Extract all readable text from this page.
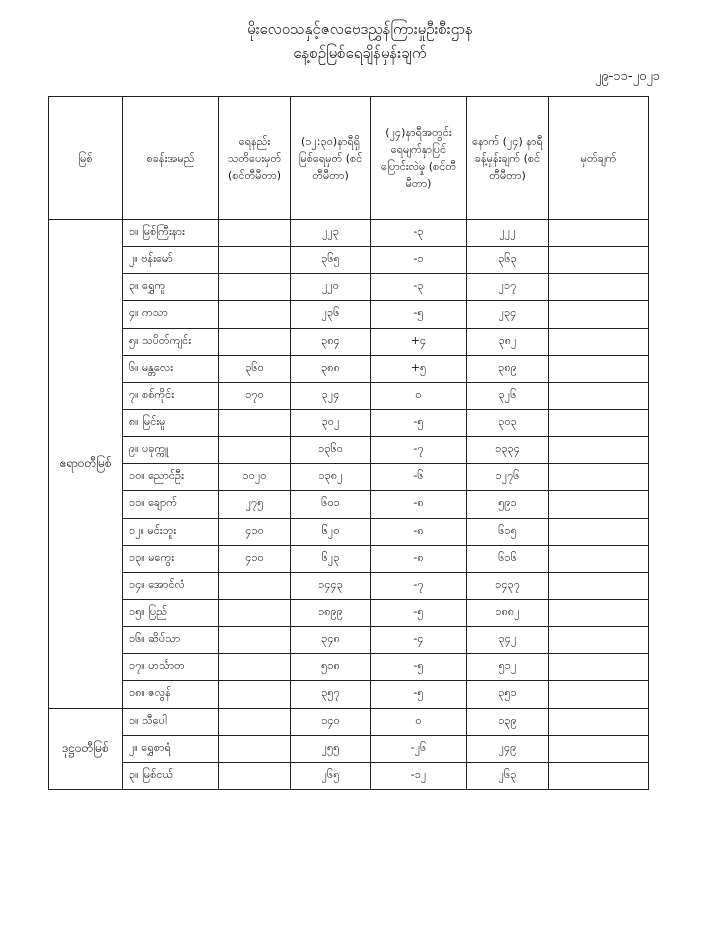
မိုးလေဝသနှင့်ဇလဗေဒညွှန်ကြားမှုဦးစီးဌာန
နေ့စဉ်မြစ်ရေချိန်မှန်းချက်
၂၉-၁၁-၂၀၂၁
မြစ်	စခန်းအမည်	ရေနည်း သတိပေးမှတ် (စင်တီမီတာ)	(၁၂:၃၀)နာရီရှိ မြစ်ရေမှတ် (စင်တီမီတာ)	(၂၄)နာရီအတွင်း ရေမျက်နှာပြင် ပြောင်းလဲမှု (စင်တီမီတာ)	နောက် (၂၄) နာရီ ခန့်မှန်းချက် (စင်တီမီတာ)	မှတ်ချက်
ဧရာဝတီမြစ်	၁။ မြစ်ကြီးနား		၂၂၃	-၃	၂၂၂	
	၂။ ဗန်းမော်		၃၆၅	-၁	၃၆၃	
	၃။ ရွှေကူ		၂၂၀	-၃	၂၁၇	
	၄။ ကသာ		၂၃၆	-၅	၂၃၄	
	၅။ သပိတ်ကျင်း		၃၈၄	+၄	၃၈၂	
	၆။ မန္တလေး	၃၆၀	၃၈၈	+၅	၃၈၉	
	၇။ စစ်ကိုင်း	၁၇၀	၃၂၄	၀	၃၂၆	
	၈။ မြင်းမူ		၃၀၂	-၅	၃၀၃	
	၉။ ပခုက္ကူ		၁၃၆၀	-၇	၁၃၃၄	
	၁၀။ ညောင်ဦး	၁၀၂၀	၁၃၈၂	-၆	၁၂၇၆	
	၁၁။ ချောက်	၂၇၅	၆၀၁	-၈	၅၉၁	
	၁၂။ မင်းဘူး	၄၁၀	၆၂၀	-၈	၆၁၅	
	၁၃။ မကွေး	၄၁၀	၆၂၃	-၈	၆၁၆	
	၁၄။ အောင်လံ		၁၄၄၃	-၇	၁၄၃၇	
	၁၅။ ပြည်		၁၈၉၉	-၅	၁၈၈၂	
	၁၆။ ဆိပ်သာ		၃၄၈	-၄	၃၄၂	
	၁၇။ ဟင်္သာတ		၅၁၈	-၅	၅၁၂	
	၁၈။ ဇလွန်		၃၅၇	-၅	၃၅၁	
ဒုဋ္ဌဝတီမြစ်	၁။ သီပေါ		၁၄၀	၀	၁၃၉	
	၂။ ရွှေစာရံ		၂၅၅	-၂၆	၂၄၉	
	၃။ မြစ်ငယ်		၂၆၅	-၁၂	၂၆၃	
